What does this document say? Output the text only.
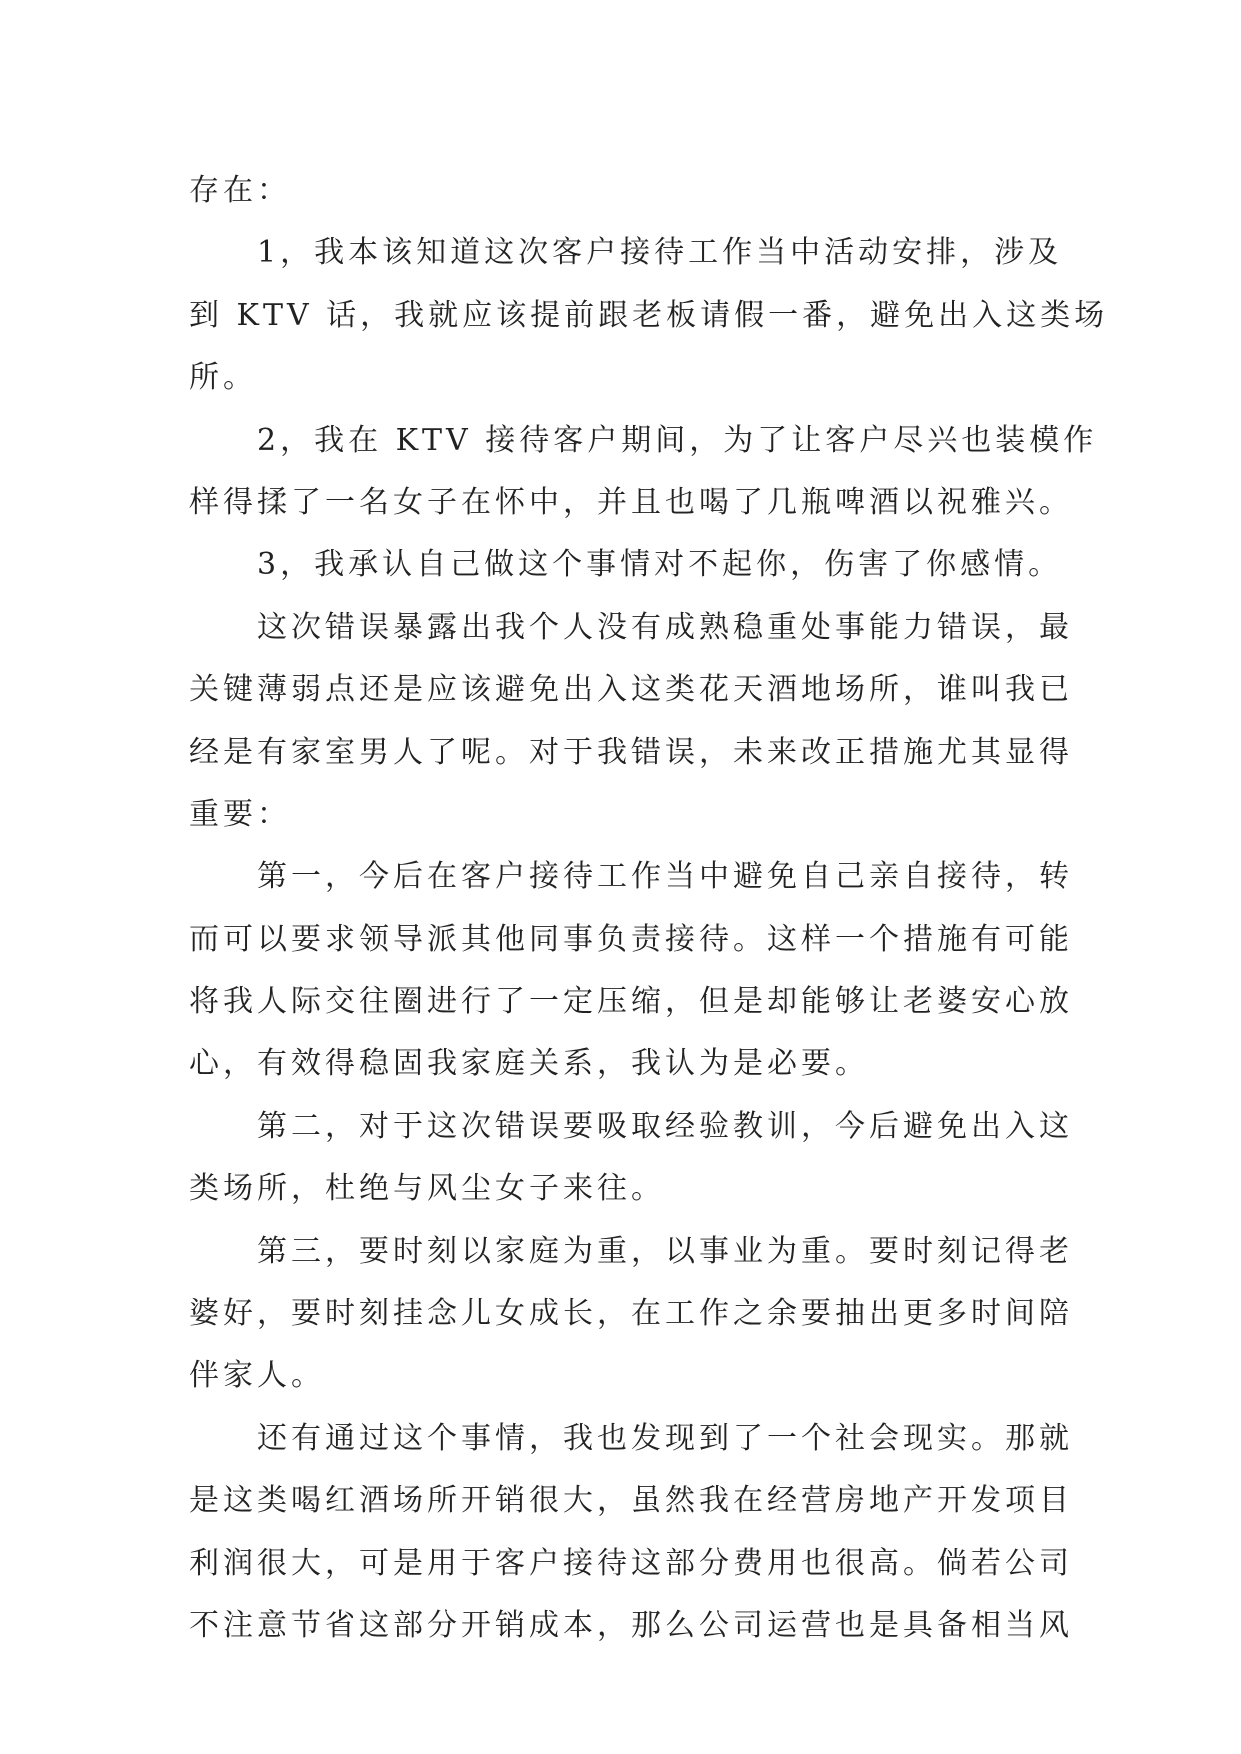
存在：
1，我本该知道这次客户接待工作当中活动安排，涉及
到 KTV 话，我就应该提前跟老板请假一番，避免出入这类场
所。
2，我在 KTV 接待客户期间，为了让客户尽兴也装模作
样得揉了一名女子在怀中，并且也喝了几瓶啤酒以祝雅兴。
3，我承认自己做这个事情对不起你，伤害了你感情。
这次错误暴露出我个人没有成熟稳重处事能力错误，最
关键薄弱点还是应该避免出入这类花天酒地场所，谁叫我已
经是有家室男人了呢。对于我错误，未来改正措施尤其显得
重要：
第一，今后在客户接待工作当中避免自己亲自接待，转
而可以要求领导派其他同事负责接待。这样一个措施有可能
将我人际交往圈进行了一定压缩，但是却能够让老婆安心放
心，有效得稳固我家庭关系，我认为是必要。
第二，对于这次错误要吸取经验教训，今后避免出入这
类场所，杜绝与风尘女子来往。
第三，要时刻以家庭为重，以事业为重。要时刻记得老
婆好，要时刻挂念儿女成长，在工作之余要抽出更多时间陪
伴家人。
还有通过这个事情，我也发现到了一个社会现实。那就
是这类喝红酒场所开销很大，虽然我在经营房地产开发项目
利润很大，可是用于客户接待这部分费用也很高。倘若公司
不注意节省这部分开销成本，那么公司运营也是具备相当风
